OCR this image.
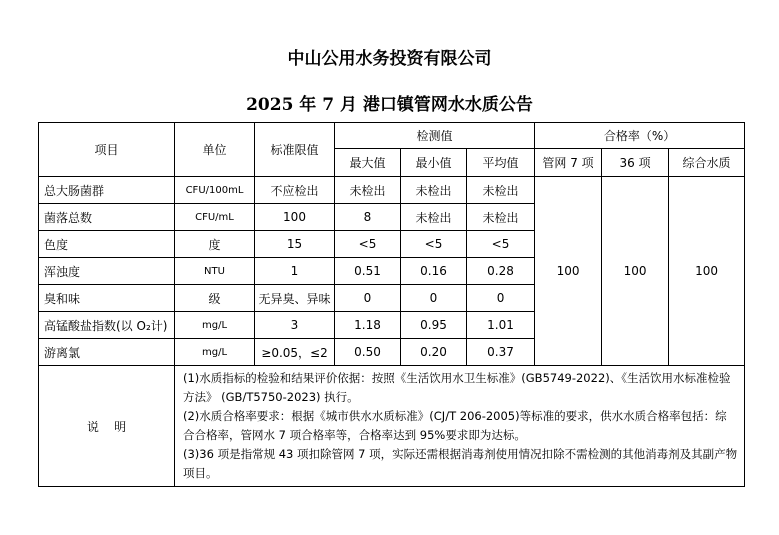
中山公用水务投资有限公司
2025 年 7 月 港口镇管网水水质公告
项目	单位	标准限值	检测值			合格率（%）		
			最大值	最小值	平均值	管网 7 项	36 项	综合水质
总大肠菌群	CFU/100mL	不应检出	未检出	未检出	未检出	100	100	100
菌落总数	CFU/mL	100	8	未检出	未检出			
色度	度	15	<5	<5	<5			
浑浊度	NTU	1	0.51	0.16	0.28			
臭和味	级	无异臭、异味	0	0	0			
高锰酸盐指数(以 O₂计)	mg/L	3	1.18	0.95	1.01			
游离氯	mg/L	≥0.05，≤2	0.50	0.20	0.37			
说    明	(1)水质指标的检验和结果评价依据：按照《生活饮用水卫生标准》(GB5749-2022)、《生活饮用水标准检验方法》 (GB/T5750-2023) 执行。
(2)水质合格率要求：根据《城市供水水质标准》(CJ/T 206-2005)等标准的要求，供水水质合格率包括：综合合格率，管网水 7 项合格率等，合格率达到 95%要求即为达标。
(3)36 项是指常规 43 项扣除管网 7 项，实际还需根据消毒剂使用情况扣除不需检测的其他消毒剂及其副产物项目。							
